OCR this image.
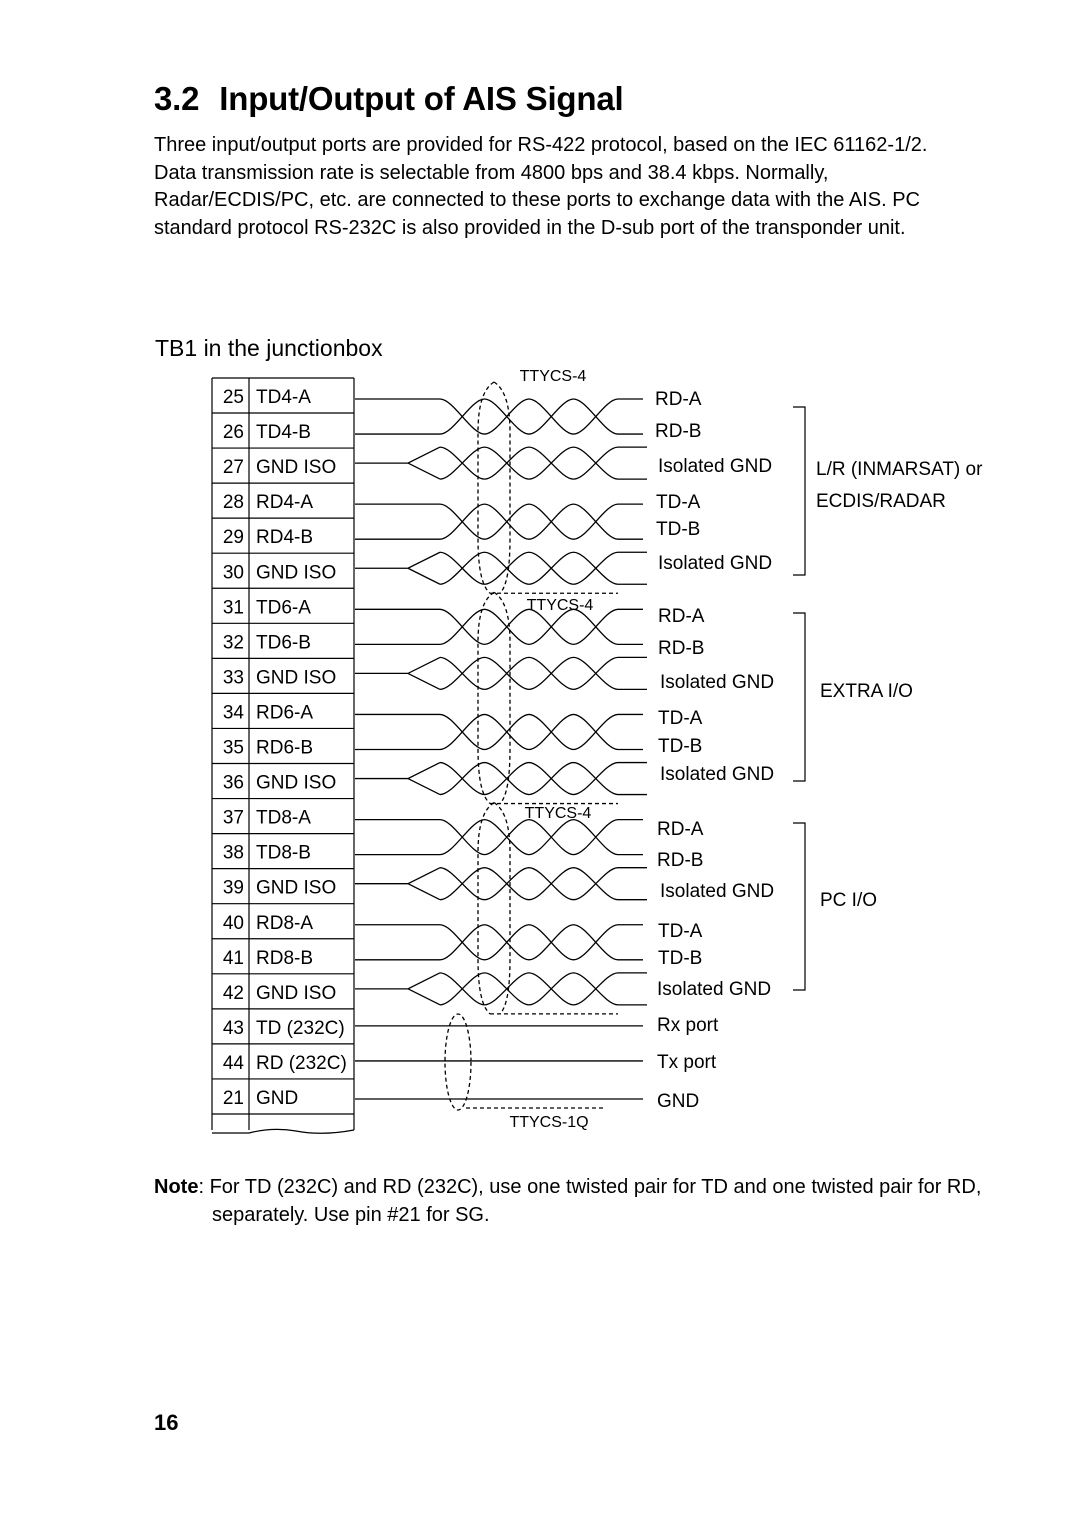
3.2 Input/Output of AIS Signal

Three input/output ports are provided for RS-422 protocol, based on the IEC 61162-1/2. Data transmission rate is selectable from 4800 bps and 38.4 kbps. Normally, Radar/ECDIS/PC, etc. are connected to these ports to exchange data with the AIS. PC standard protocol RS-232C is also provided in the D-sub port of the transponder unit.

TB1 in the junctionbox

25 TD4-A
26 TD4-B
27 GND ISO
28 RD4-A
29 RD4-B
30 GND ISO
31 TD6-A
32 TD6-B
33 GND ISO
34 RD6-A
35 RD6-B
36 GND ISO
37 TD8-A
38 TD8-B
39 GND ISO
40 RD8-A
41 RD8-B
42 GND ISO
43 TD (232C)
44 RD (232C)
21 GND
TTYCS-4
TTYCS-4
TTYCS-4
TTYCS-1Q
RD-A
RD-B
Isolated GND
TD-A
TD-B
Isolated GND
RD-A
RD-B
Isolated GND
TD-A
TD-B
Isolated GND
RD-A
RD-B
Isolated GND
TD-A
TD-B
Isolated GND
Rx port
Tx port
GND
L/R (INMARSAT) or
ECDIS/RADAR
EXTRA I/O
PC I/O

Note: For TD (232C) and RD (232C), use one twisted pair for TD and one twisted pair for RD, separately. Use pin #21 for SG.

16
